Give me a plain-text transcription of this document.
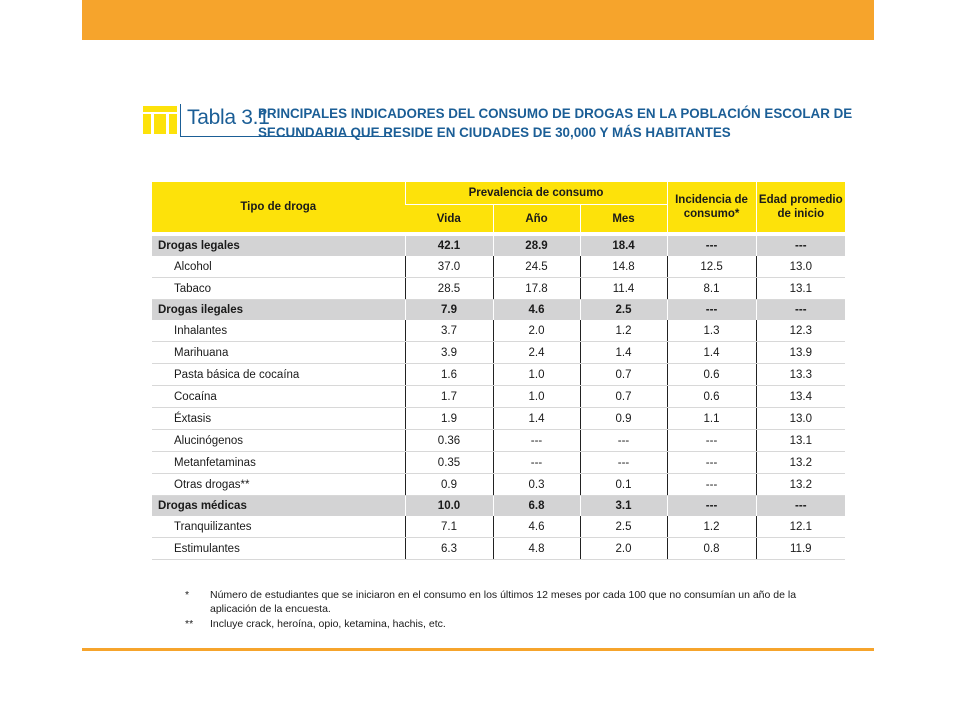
Tabla 3.1
PRINCIPALES INDICADORES DEL CONSUMO DE DROGAS EN LA POBLACIÓN ESCOLAR DE SECUNDARIA QUE RESIDE EN CIUDADES DE 30,000 Y MÁS HABITANTES
Tipo de droga	Prevalencia de consumo			Incidencia de consumo*	Edad promedio de inicio
	Vida	Año	Mes		

Drogas legales	42.1	28.9	18.4	---	---
Alcohol	37.0	24.5	14.8	12.5	13.0
Tabaco	28.5	17.8	11.4	8.1	13.1
Drogas ilegales	7.9	4.6	2.5	---	---
Inhalantes	3.7	2.0	1.2	1.3	12.3
Marihuana	3.9	2.4	1.4	1.4	13.9
Pasta básica de cocaína	1.6	1.0	0.7	0.6	13.3
Cocaína	1.7	1.0	0.7	0.6	13.4
Éxtasis	1.9	1.4	0.9	1.1	13.0
Alucinógenos	0.36	---	---	---	13.1
Metanfetaminas	0.35	---	---	---	13.2
Otras drogas**	0.9	0.3	0.1	---	13.2
Drogas médicas	10.0	6.8	3.1	---	---
Tranquilizantes	7.1	4.6	2.5	1.2	12.1
Estimulantes	6.3	4.8	2.0	0.8	11.9
*	Número de estudiantes que se iniciaron en el consumo en los últimos 12 meses por cada 100 que no consumían un año de la aplicación de la encuesta.
**	Incluye crack, heroína, opio, ketamina, hachis, etc.
